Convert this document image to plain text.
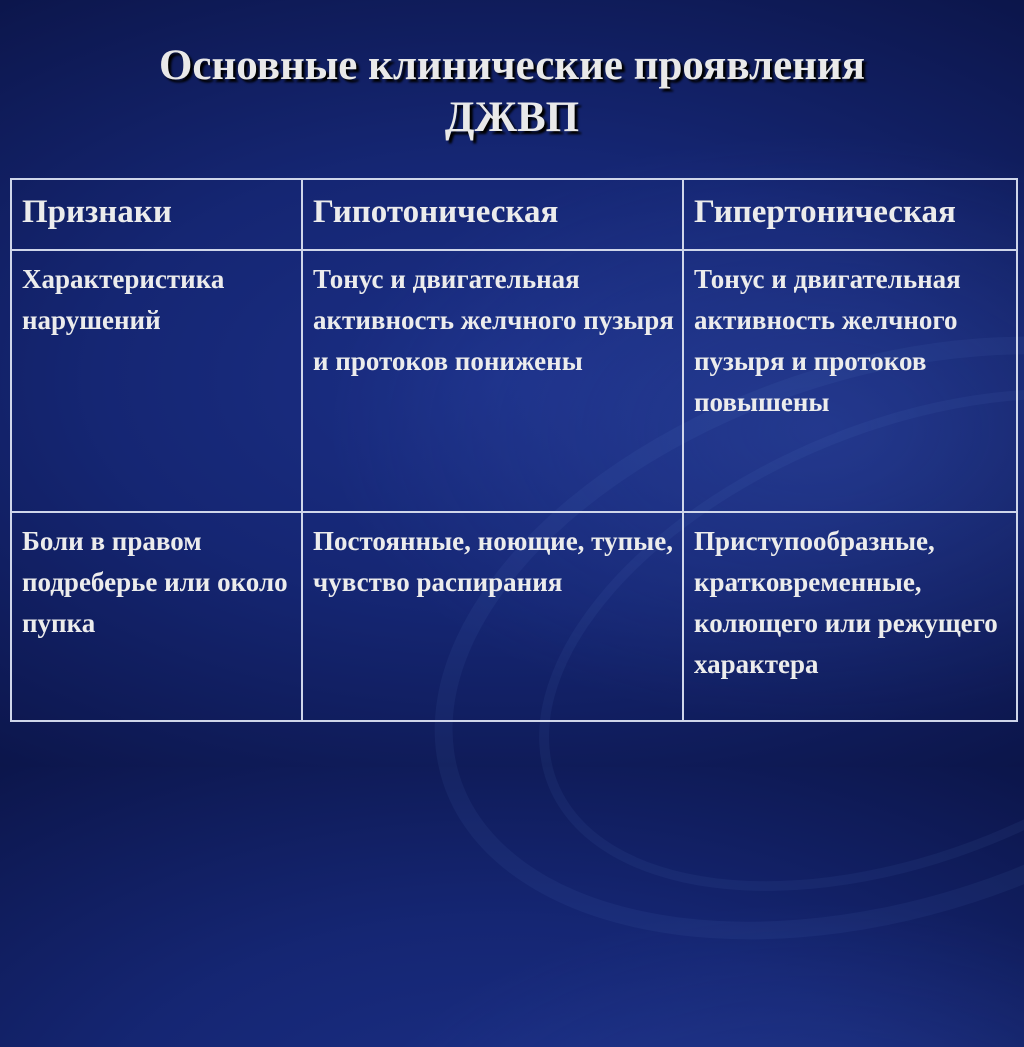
Основные клинические проявления
ДЖВП
Признаки	Гипотоническая	Гипертоническая

Характеристика нарушений	Тонус и двигательная активность желчного пузыря и протоков понижены	Тонус и двигательная активность желчного пузыря и протоков повышены

Боли в правом подреберье или около пупка	Постоянные, ноющие, тупые, чувство распирания	Приступообразные, кратковременные, колющего или режущего характера
